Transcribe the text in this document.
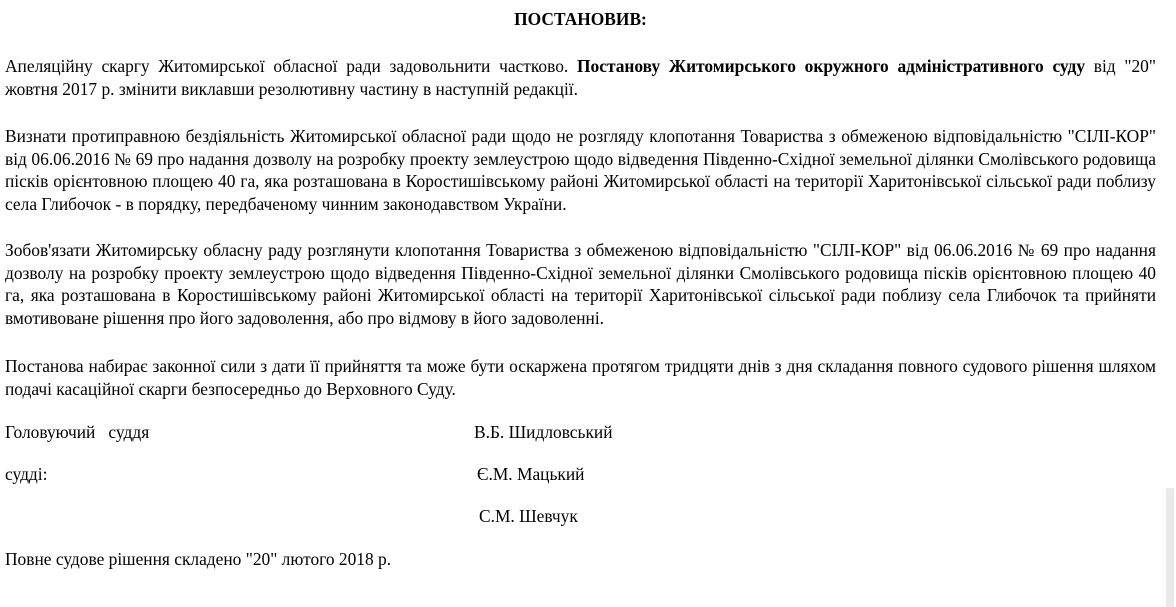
ПОСТАНОВИВ:

Апеляційну скаргу Житомирської обласної ради задовольнити частково. Постанову Житомирського окружного адміністративного суду від "20" жовтня 2017 р. змінити виклавши резолютивну частину в наступній редакції.

Визнати протиправною бездіяльність Житомирської обласної ради щодо не розгляду клопотання Товариства з обмеженою відповідальністю "СІЛІ-КОР" від 06.06.2016 № 69 про надання дозволу на розробку проекту землеустрою щодо відведення Південно-Східної земельної ділянки Смолівського родовища пісків орієнтовною площею 40 га, яка розташована в Коростишівському районі Житомирської області на території Харитонівської сільської ради поблизу села Глибочок - в порядку, передбаченому чинним законодавством України.

Зобов'язати Житомирську обласну раду розглянути клопотання Товариства з обмеженою відповідальністю "СІЛІ-КОР" від 06.06.2016 № 69 про надання дозволу на розробку проекту землеустрою щодо відведення Південно-Східної земельної ділянки Смолівського родовища пісків орієнтовною площею 40 га, яка розташована в Коростишівському районі Житомирської області на території Харитонівської сільської ради поблизу села Глибочок та прийняти вмотивоване рішення про його задоволення, або про відмову в його задоволенні.

Постанова набирає законної сили з дати її прийняття та може бути оскаржена протягом тридцяти днів з дня складання повного судового рішення шляхом подачі касаційної скарги безпосередньо до Верховного Суду.

Головуючий   суддя	В.Б. Шидловський
судді:	Є.М. Мацький
С.М. Шевчук

Повне судове рішення складено "20" лютого 2018 р.
